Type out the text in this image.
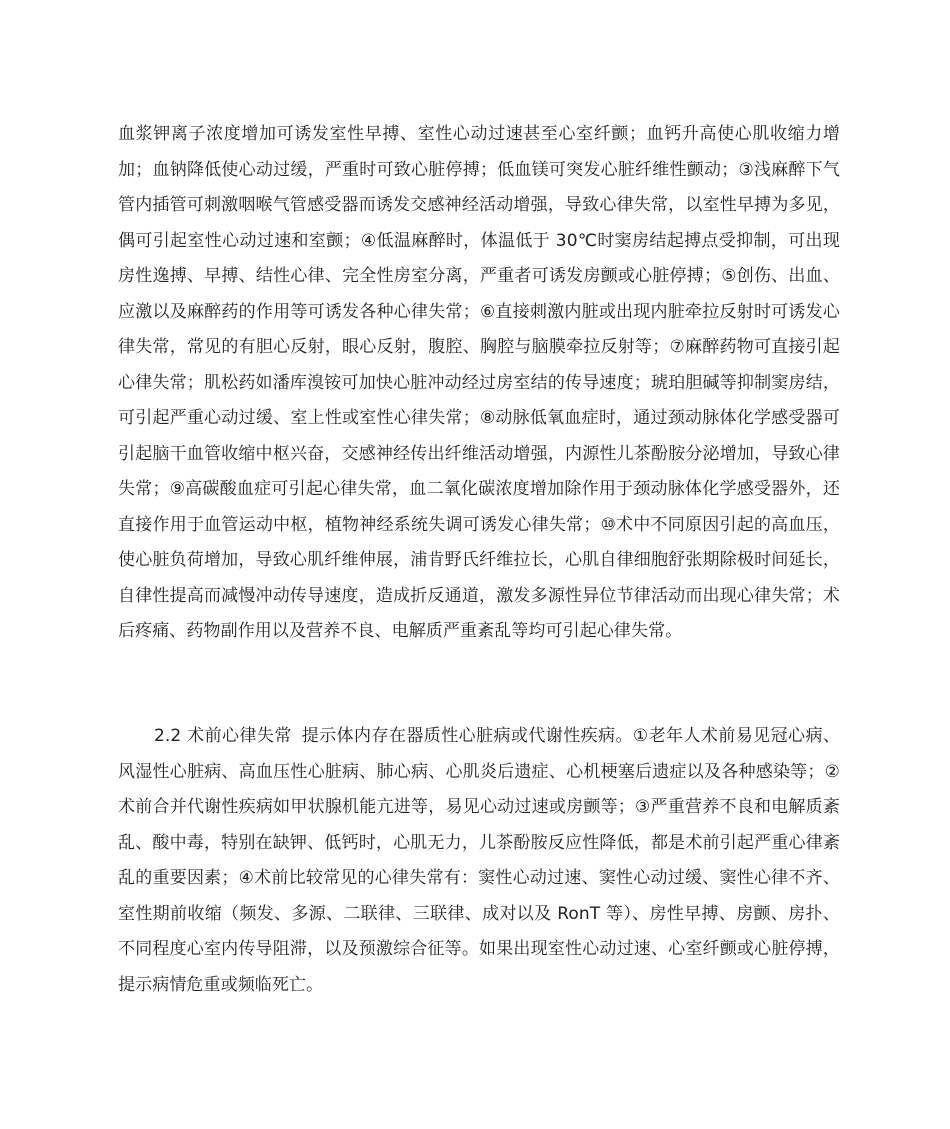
血浆钾离子浓度增加可诱发室性早搏、室性心动过速甚至心室纤颤；血钙升高使心肌收缩力增加；血钠降低使心动过缓，严重时可致心脏停搏；低血镁可突发心脏纤维性颤动；③浅麻醉下气管内插管可刺激咽喉气管感受器而诱发交感神经活动增强，导致心律失常，以室性早搏为多见，偶可引起室性心动过速和室颤；④低温麻醉时，体温低于 30℃时窦房结起搏点受抑制，可出现房性逸搏、早搏、结性心律、完全性房室分离，严重者可诱发房颤或心脏停搏；⑤创伤、出血、应激以及麻醉药的作用等可诱发各种心律失常；⑥直接刺激内脏或出现内脏牵拉反射时可诱发心律失常，常见的有胆心反射，眼心反射，腹腔、胸腔与脑膜牵拉反射等；⑦麻醉药物可直接引起心律失常；肌松药如潘库溴铵可加快心脏冲动经过房室结的传导速度；琥珀胆碱等抑制窦房结，可引起严重心动过缓、室上性或室性心律失常；⑧动脉低氧血症时，通过颈动脉体化学感受器可引起脑干血管收缩中枢兴奋，交感神经传出纤维活动增强，内源性儿茶酚胺分泌增加，导致心律失常；⑨高碳酸血症可引起心律失常，血二氧化碳浓度增加除作用于颈动脉体化学感受器外，还直接作用于血管运动中枢，植物神经系统失调可诱发心律失常；⑩术中不同原因引起的高血压，使心脏负荷增加，导致心肌纤维伸展，浦肯野氏纤维拉长，心肌自律细胞舒张期除极时间延长，自律性提高而减慢冲动传导速度，造成折反通道，激发多源性异位节律活动而出现心律失常；术后疼痛、药物副作用以及营养不良、电解质严重紊乱等均可引起心律失常。

2.2 术前心律失常 提示体内存在器质性心脏病或代谢性疾病。①老年人术前易见冠心病、风湿性心脏病、高血压性心脏病、肺心病、心肌炎后遗症、心机梗塞后遗症以及各种感染等；②术前合并代谢性疾病如甲状腺机能亢进等，易见心动过速或房颤等；③严重营养不良和电解质紊乱、酸中毒，特别在缺钾、低钙时，心肌无力，儿茶酚胺反应性降低，都是术前引起严重心律紊乱的重要因素；④术前比较常见的心律失常有：窦性心动过速、窦性心动过缓、窦性心律不齐、室性期前收缩（频发、多源、二联律、三联律、成对以及 RonT 等）、房性早搏、房颤、房扑、不同程度心室内传导阻滞，以及预激综合征等。如果出现室性心动过速、心室纤颤或心脏停搏，提示病情危重或频临死亡。
